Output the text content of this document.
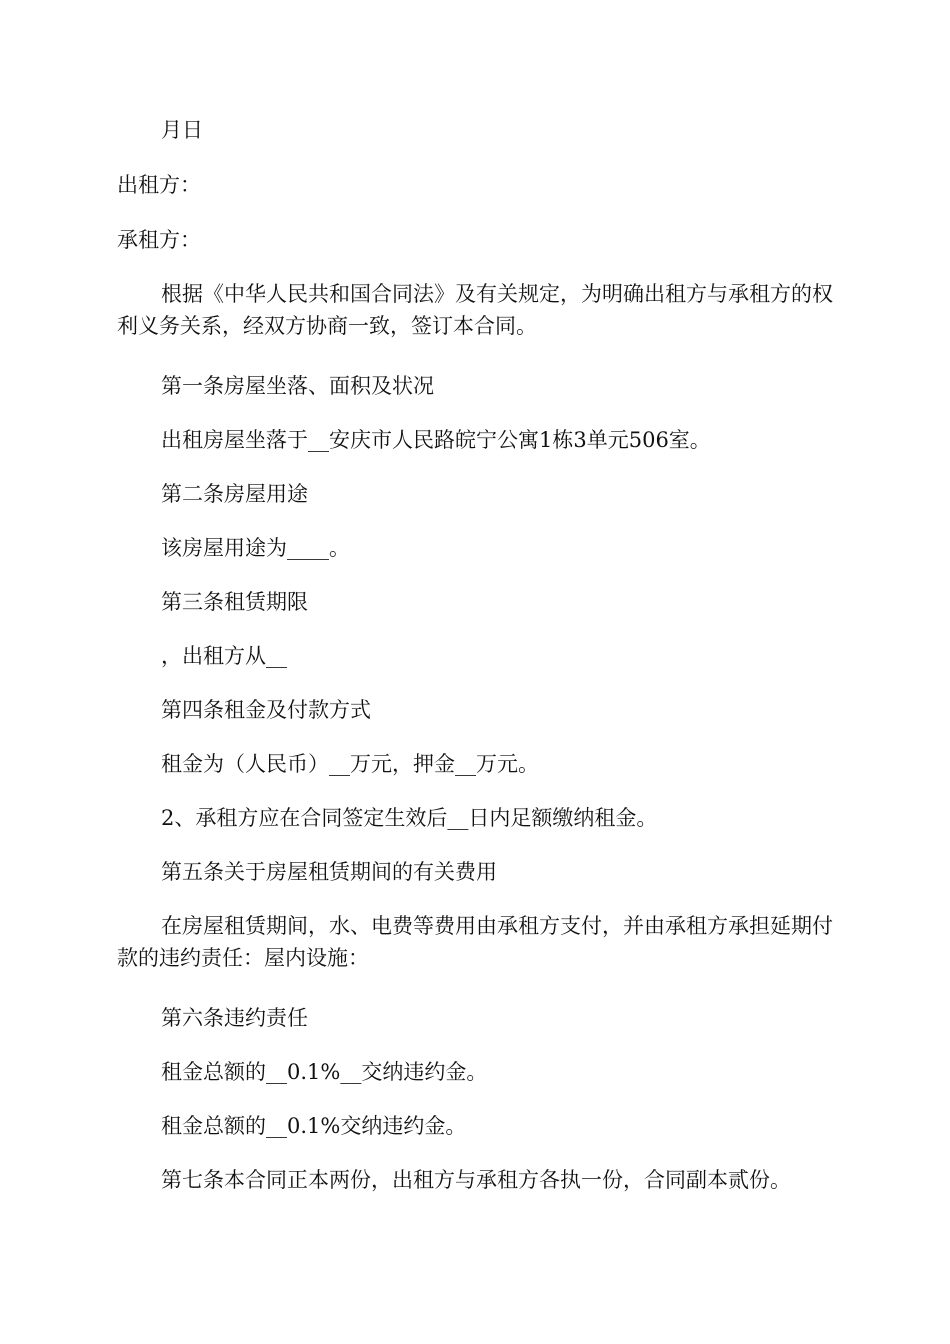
月日

出租方：

承租方：

根据《中华人民共和国合同法》及有关规定，为明确出租方与承租方的权利义务关系，经双方协商一致，签订本合同。

第一条房屋坐落、面积及状况

出租房屋坐落于__安庆市人民路皖宁公寓1栋3单元506室。

第二条房屋用途

该房屋用途为____。

第三条租赁期限

，出租方从__

第四条租金及付款方式

租金为（人民币）__万元，押金__万元。

2、承租方应在合同签定生效后__日内足额缴纳租金。

第五条关于房屋租赁期间的有关费用

在房屋租赁期间，水、电费等费用由承租方支付，并由承租方承担延期付款的违约责任：屋内设施：

第六条违约责任

租金总额的__0.1%__交纳违约金。

租金总额的__0.1%交纳违约金。

第七条本合同正本两份，出租方与承租方各执一份，合同副本贰份。
